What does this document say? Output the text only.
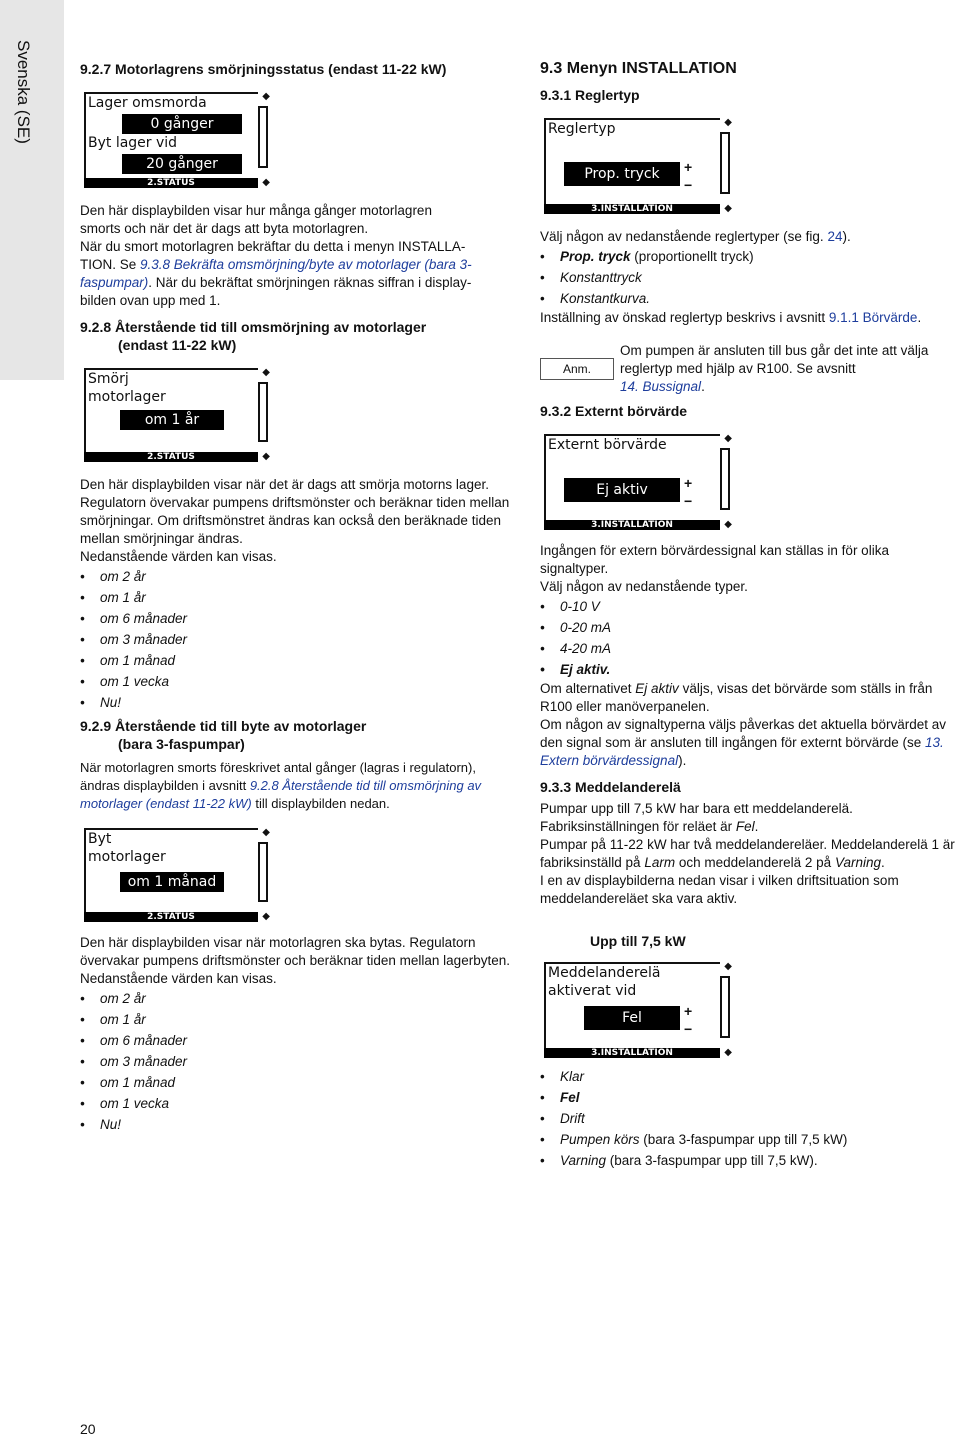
Svenska (SE)	9.2.7 Motorlagrens smörjningsstatus (endast 11-22 kW)
Lager omsmorda
0 gånger
Byt lager vid
20 gånger
◆
◆
2.STATUS

Den här displaybilden visar hur många gånger motorlagren

smorts och när det är dags att byta motorlagren.

När du smort motorlagren bekräftar du detta i menyn INSTALLA-

TION. Se 9.3.8 Bekräfta omsmörjning/byte av motorlager (bara 3-

faspumpar). När du bekräftat smörjningen räknas siffran i display-

bilden ovan upp med 1.

9.2.8 Återstående tid till omsmörjning av motorlager
(endast 11-22 kW)
Smörj
motorlager
om 1 år
◆
◆
2.STATUS

Den här displaybilden visar när det är dags att smörja motorns lager. Regulatorn övervakar pumpens driftsmönster och beräknar tiden mellan smörjningar. Om driftsmönstret ändras kan också den beräknade tiden mellan smörjningar ändras.

Nedanstående värden kan visas.

• om 2 år
• om 1 år
• om 6 månader
• om 3 månader
• om 1 månad
• om 1 vecka
• Nu!
9.2.9 Återstående tid till byte av motorlager
(bara 3-faspumpar)

När motorlagren smorts föreskrivet antal gånger (lagras i regulatorn),

ändras displaybilden i avsnitt 9.2.8 Återstående tid till omsmörjning av

motorlager (endast 11-22 kW) till displaybilden nedan.

Byt
motorlager
om 1 månad
◆
◆
2.STATUS

Den här displaybilden visar när motorlagren ska bytas. Regulatorn övervakar pumpens driftsmönster och beräknar tiden mellan lagerbyten.

Nedanstående värden kan visas.

• om 2 år
• om 1 år
• om 6 månader
• om 3 månader
• om 1 månad
• om 1 vecka
• Nu!
9.3 Menyn INSTALLATION
9.3.1 Reglertyp
Reglertyp
Prop. tryck	+
−
◆
◆
3.INSTALLATION

Välj någon av nedanstående reglertyper (se fig. 24).

• Prop. tryck (proportionellt tryck)
• Konstanttryck
• Konstantkurva.

Inställning av önskad reglertyp beskrivs i avsnitt 9.1.1 Börvärde.

Anm.

Om pumpen är ansluten till bus går det inte att välja

reglertyp med hjälp av R100. Se avsnitt

14. Bussignal.

9.3.2 Externt börvärde
Externt börvärde
Ej aktiv	+
−
◆
◆
3.INSTALLATION

Ingången för extern börvärdessignal kan ställas in för olika signaltyper.

Välj någon av nedanstående typer.

• 0-10 V
• 0-20 mA
• 4-20 mA
• Ej aktiv.

Om alternativet Ej aktiv väljs, visas det börvärde som ställs in från R100 eller manöverpanelen.

Om någon av signaltyperna väljs påverkas det aktuella börvärdet av den signal som är ansluten till ingången för externt börvärde (se 13. Extern börvärdessignal).

9.3.3 Meddelanderelä

Pumpar upp till 7,5 kW har bara ett meddelanderelä. Fabriksinställningen för reläet är Fel.

Pumpar på 11-22 kW har två meddelandereläer. Meddelanderelä 1 är fabriksinställd på Larm och meddelanderelä 2 på Varning.

I en av displaybilderna nedan visar i vilken driftsituation som meddelandereläet ska vara aktiv.

Upp till 7,5 kW
Meddelanderelä
aktiverat vid
Fel	+
−
◆
◆
3.INSTALLATION
• Klar
• Fel
• Drift
• Pumpen körs (bara 3-faspumpar upp till 7,5 kW)
• Varning (bara 3-faspumpar upp till 7,5 kW).
20
